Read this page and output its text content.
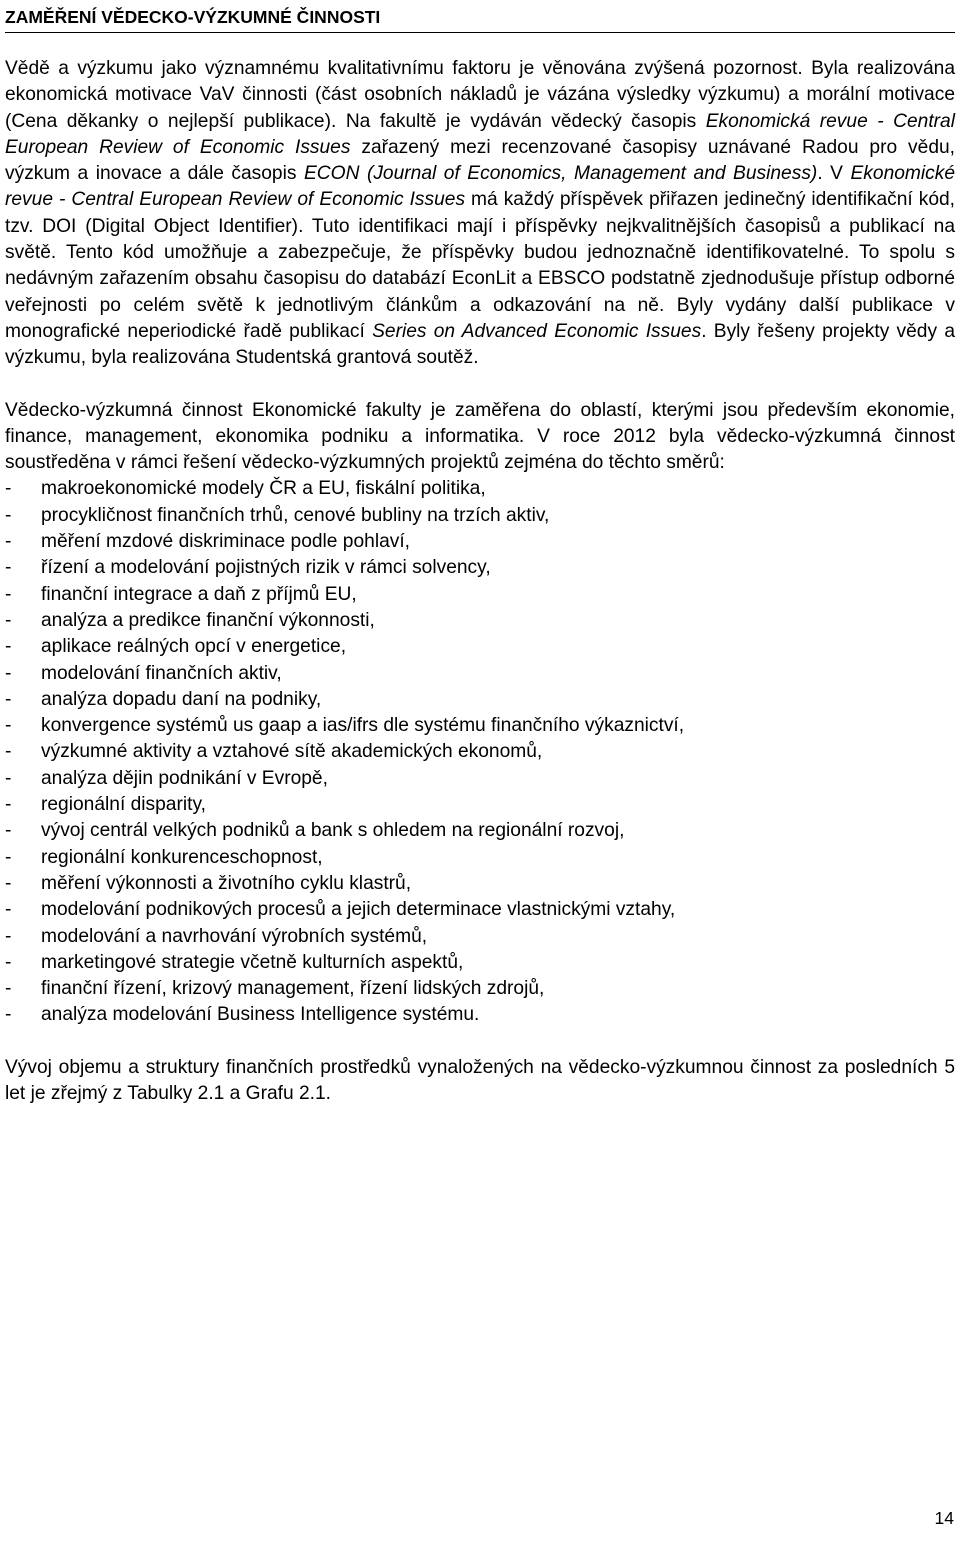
ZAMĚŘENÍ VĚDECKO-VÝZKUMNÉ ČINNOSTI

Vědě a výzkumu jako významnému kvalitativnímu faktoru je věnována zvýšená pozornost. Byla realizována ekonomická motivace VaV činnosti (část osobních nákladů je vázána výsledky výzkumu) a morální motivace (Cena děkanky o nejlepší publikace). Na fakultě je vydáván vědecký časopis Ekonomická revue - Central European Review of Economic Issues zařazený mezi recenzované časopisy uznávané Radou pro vědu, výzkum a inovace a dále časopis ECON (Journal of Economics, Management and Business). V Ekonomické revue - Central European Review of Economic Issues má každý příspěvek přiřazen jedinečný identifikační kód, tzv. DOI (Digital Object Identifier). Tuto identifikaci mají i příspěvky nejkvalitnějších časopisů a publikací na světě. Tento kód umožňuje a zabezpečuje, že příspěvky budou jednoznačně identifikovatelné. To spolu s nedávným zařazením obsahu časopisu do databází EconLit a EBSCO podstatně zjednodušuje přístup odborné veřejnosti po celém světě k jednotlivým článkům a odkazování na ně. Byly vydány další publikace v monografické neperiodické řadě publikací Series on Advanced Economic Issues. Byly řešeny projekty vědy a výzkumu, byla realizována Studentská grantová soutěž.

Vědecko-výzkumná činnost Ekonomické fakulty je zaměřena do oblastí, kterými jsou především ekonomie, finance, management, ekonomika podniku a informatika. V roce 2012 byla vědecko-výzkumná činnost soustředěna v rámci řešení vědecko-výzkumných projektů zejména do těchto směrů:

- makroekonomické modely ČR a EU, fiskální politika,
- procykličnost finančních trhů, cenové bubliny na trzích aktiv,
- měření mzdové diskriminace podle pohlaví,
- řízení a modelování pojistných rizik v rámci solvency,
- finanční integrace a daň z příjmů EU,
- analýza a predikce finanční výkonnosti,
- aplikace reálných opcí v energetice,
- modelování finančních aktiv,
- analýza dopadu daní na podniky,
- konvergence systémů us gaap a ias/ifrs dle systému finančního výkaznictví,
- výzkumné aktivity a vztahové sítě akademických ekonomů,
- analýza dějin podnikání v Evropě,
- regionální disparity,
- vývoj centrál velkých podniků a bank s ohledem na regionální rozvoj,
- regionální konkurenceschopnost,
- měření výkonnosti a životního cyklu klastrů,
- modelování podnikových procesů a jejich determinace vlastnickými vztahy,
- modelování a navrhování výrobních systémů,
- marketingové strategie včetně kulturních aspektů,
- finanční řízení, krizový management, řízení lidských zdrojů,
- analýza modelování Business Intelligence systému.

Vývoj objemu a struktury finančních prostředků vynaložených na vědecko-výzkumnou činnost za posledních 5 let je zřejmý z Tabulky 2.1 a Grafu 2.1.

14
